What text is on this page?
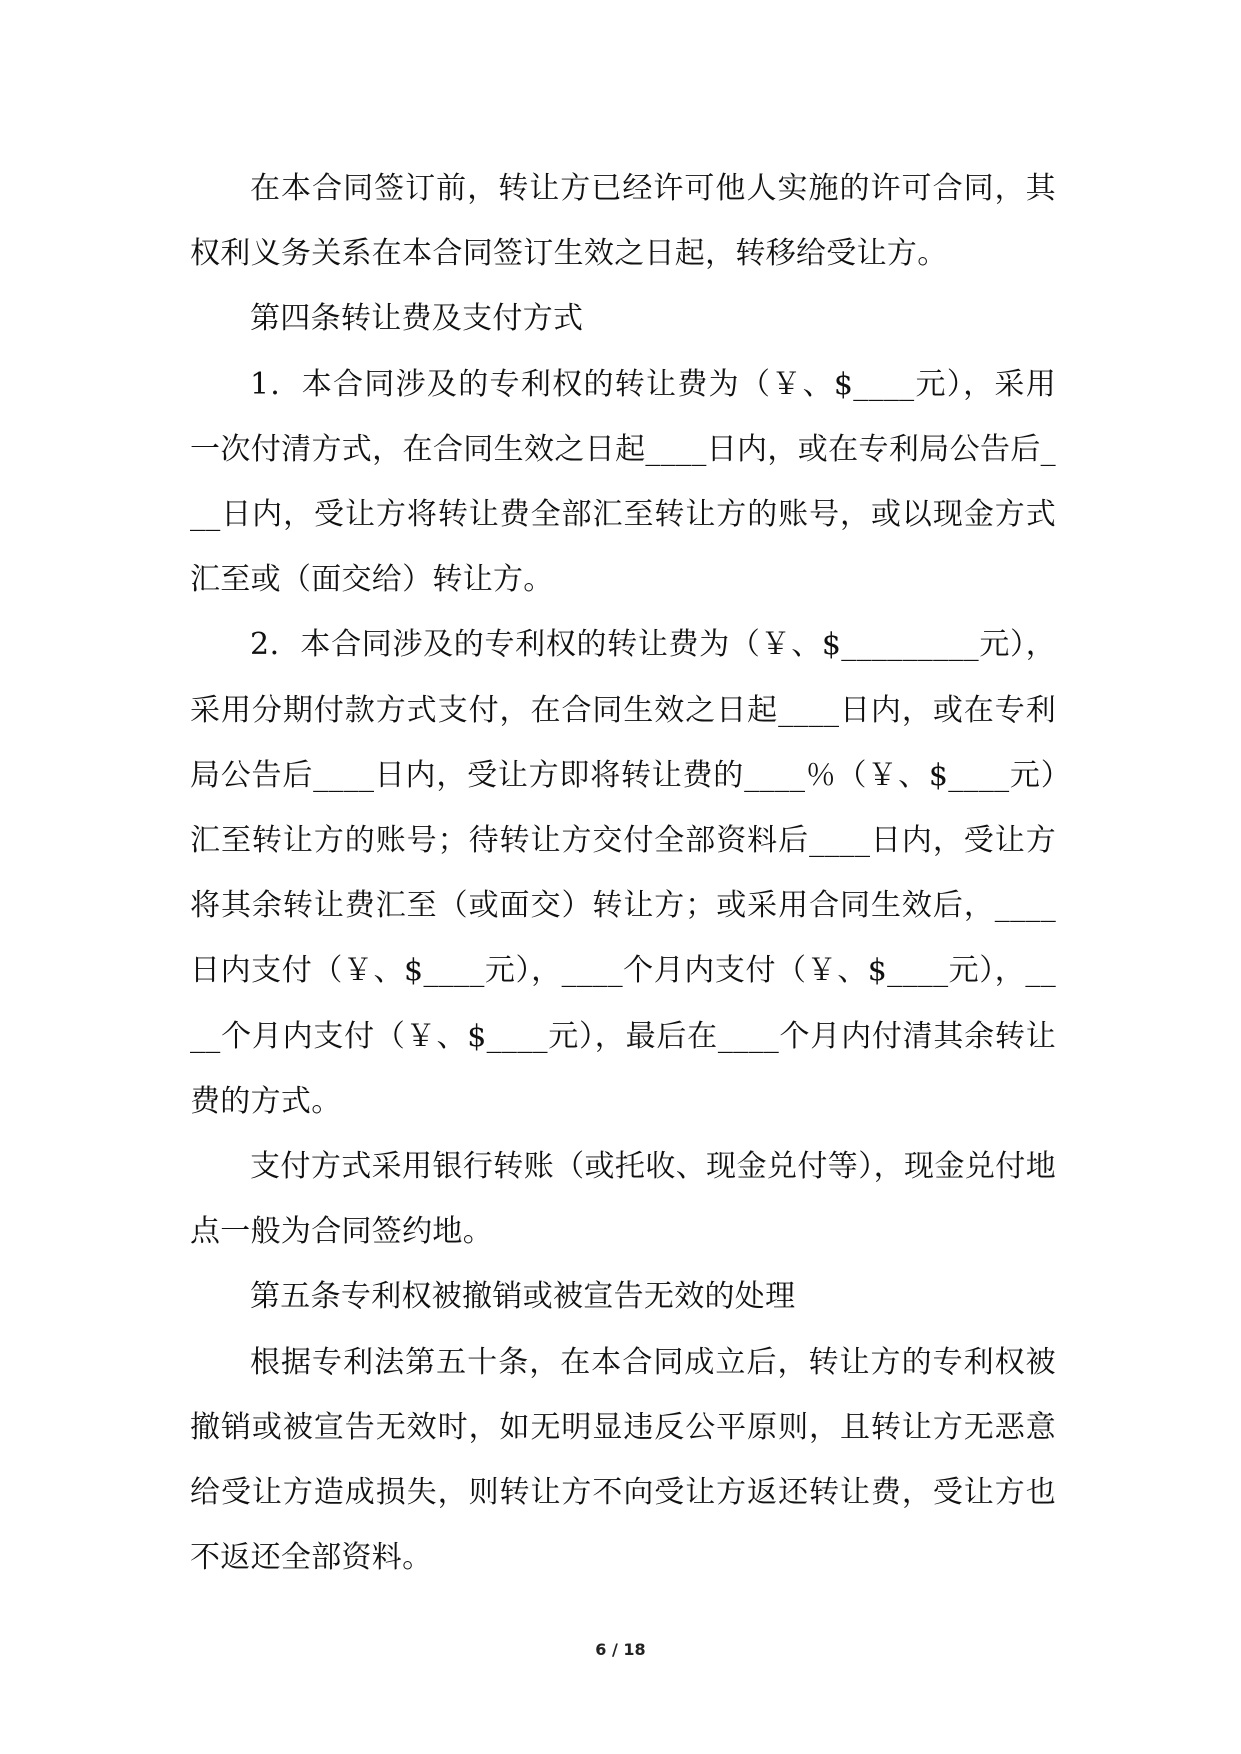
在本合同签订前，转让方已经许可他人实施的许可合同，其权利义务关系在本合同签订生效之日起，转移给受让方。

第四条转让费及支付方式

1．本合同涉及的专利权的转让费为（￥、$____元），采用一次付清方式，在合同生效之日起____日内，或在专利局公告后___日内，受让方将转让费全部汇至转让方的账号，或以现金方式汇至或（面交给）转让方。

2．本合同涉及的专利权的转让费为（￥、$_________元），采用分期付款方式支付，在合同生效之日起____日内，或在专利局公告后____日内，受让方即将转让费的____％（￥、$____元）汇至转让方的账号；待转让方交付全部资料后____日内，受让方将其余转让费汇至（或面交）转让方；或采用合同生效后，____日内支付（￥、$____元），____个月内支付（￥、$____元），____个月内支付（￥、$____元），最后在____个月内付清其余转让费的方式。

支付方式采用银行转账（或托收、现金兑付等），现金兑付地点一般为合同签约地。

第五条专利权被撤销或被宣告无效的处理

根据专利法第五十条，在本合同成立后，转让方的专利权被撤销或被宣告无效时，如无明显违反公平原则，且转让方无恶意给受让方造成损失，则转让方不向受让方返还转让费，受让方也不返还全部资料。

6 / 18
